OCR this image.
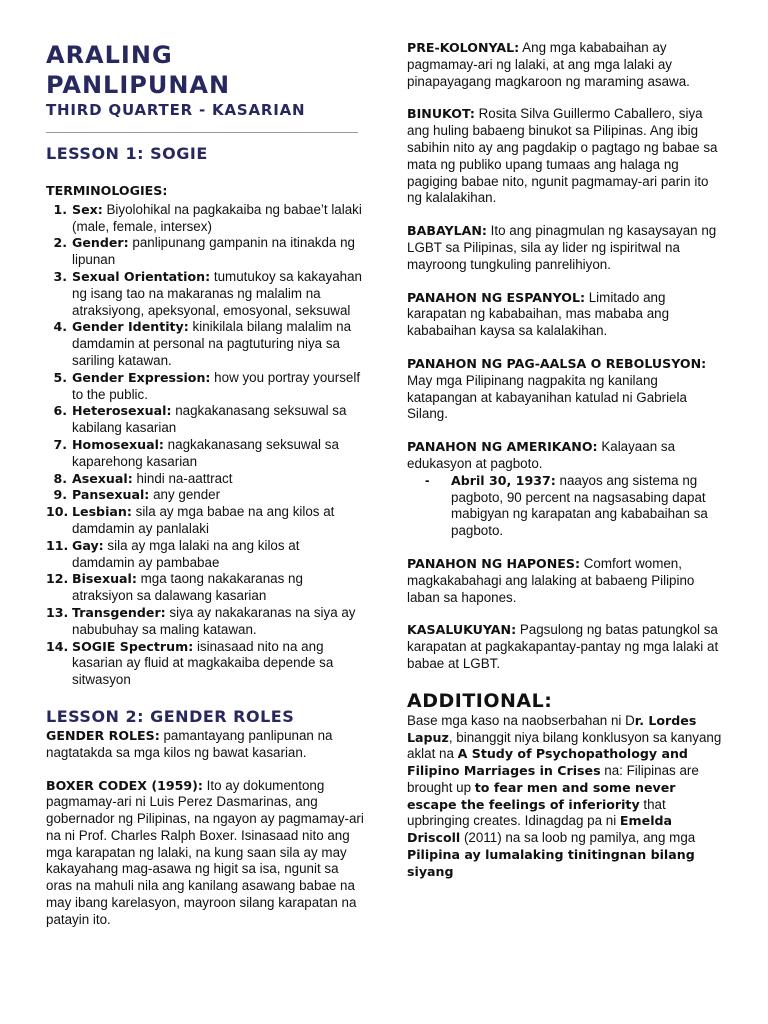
ARALING PANLIPUNAN
THIRD QUARTER - KASARIAN
LESSON 1: SOGIE
TERMINOLOGIES:
1. Sex: Biyolohikal na pagkakaiba ng babae’t lalaki (male, female, intersex)
2. Gender: panlipunang gampanin na itinakda ng lipunan
3. Sexual Orientation: tumutukoy sa kakayahan ng isang tao na makaranas ng malalim na atraksiyong, apeksyonal, emosyonal, seksuwal
4. Gender Identity: kinikilala bilang malalim na damdamin at personal na pagtuturing niya sa sariling katawan.
5. Gender Expression: how you portray yourself to the public.
6. Heterosexual: nagkakanasang seksuwal sa kabilang kasarian
7. Homosexual: nagkakanasang seksuwal sa kaparehong kasarian
8. Asexual: hindi na-aattract
9. Pansexual: any gender
10. Lesbian: sila ay mga babae na ang kilos at damdamin ay panlalaki
11. Gay: sila ay mga lalaki na ang kilos at damdamin ay pambabae
12. Bisexual: mga taong nakakaranas ng atraksiyon sa dalawang kasarian
13. Transgender: siya ay nakakaranas na siya ay nabubuhay sa maling katawan.
14. SOGIE Spectrum: isinasaad nito na ang kasarian ay fluid at magkakaiba depende sa sitwasyon
LESSON 2: GENDER ROLES

GENDER ROLES: pamantayang panlipunan na nagtatakda sa mga kilos ng bawat kasarian.

BOXER CODEX (1959): Ito ay dokumentong pagmamay-ari ni Luis Perez Dasmarinas, ang gobernador ng Pilipinas, na ngayon ay pagmamay-ari na ni Prof. Charles Ralph Boxer. Isinasaad nito ang mga karapatan ng lalaki, na kung saan sila ay may kakayahang mag-asawa ng higit sa isa, ngunit sa oras na mahuli nila ang kanilang asawang babae na may ibang karelasyon, mayroon silang karapatan na patayin ito.

PRE-KOLONYAL: Ang mga kababaihan ay pagmamay-ari ng lalaki, at ang mga lalaki ay pinapayagang magkaroon ng maraming asawa.

BINUKOT: Rosita Silva Guillermo Caballero, siya ang huling babaeng binukot sa Pilipinas. Ang ibig sabihin nito ay ang pagdakip o pagtago ng babae sa mata ng publiko upang tumaas ang halaga ng pagiging babae nito, ngunit pagmamay-ari parin ito ng kalalakihan.

BABAYLAN: Ito ang pinagmulan ng kasaysayan ng LGBT sa Pilipinas, sila ay lider ng ispiritwal na mayroong tungkuling panrelihiyon.

PANAHON NG ESPANYOL: Limitado ang karapatan ng kababaihan, mas mababa ang kababaihan kaysa sa kalalakihan.

PANAHON NG PAG-AALSA O REBOLUSYON: May mga Pilipinang nagpakita ng kanilang katapangan at kabayanihan katulad ni Gabriela Silang.

PANAHON NG AMERIKANO: Kalayaan sa edukasyon at pagboto.

-	Abril 30, 1937: naayos ang sistema ng pagboto, 90 percent na nagsasabing dapat mabigyan ng karapatan ang kababaihan sa pagboto.

PANAHON NG HAPONES: Comfort women, magkakabahagi ang lalaking at babaeng Pilipino laban sa hapones.

KASALUKUYAN: Pagsulong ng batas patungkol sa karapatan at pagkakapantay-pantay ng mga lalaki at babae at LGBT.

ADDITIONAL:

Base mga kaso na naobserbahan ni Dr. Lordes Lapuz, binanggit niya bilang konklusyon sa kanyang aklat na A Study of Psychopathology and Filipino Marriages in Crises na: Filipinas are brought up to fear men and some never escape the feelings of inferiority that upbringing creates. Idinagdag pa ni Emelda Driscoll (2011) na sa loob ng pamilya, ang mga Pilipina ay lumalaking tinitingnan bilang siyang
